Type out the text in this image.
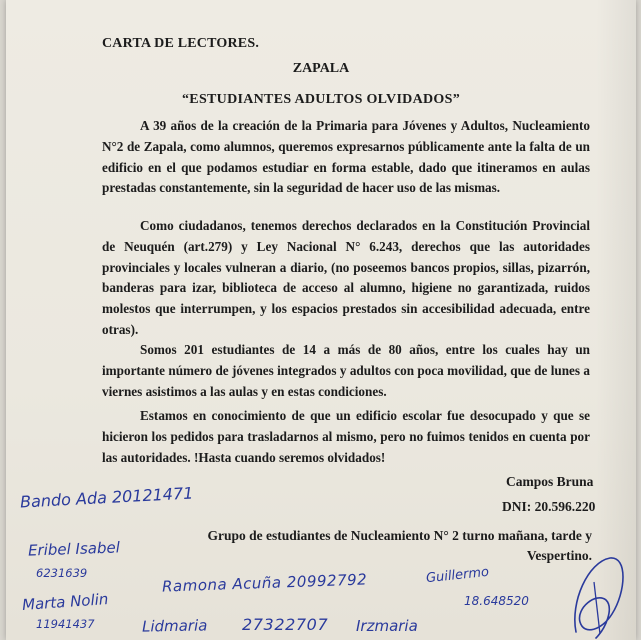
CARTA DE LECTORES.
ZAPALA
“ESTUDIANTES ADULTOS OLVIDADOS”

A 39 años de la creación de la Primaria para Jóvenes y Adultos, Nucleamiento N°2 de Zapala, como alumnos, queremos expresarnos públicamente ante la falta de un edificio en el que podamos estudiar en forma estable, dado que itineramos en aulas prestadas constantemente, sin la seguridad de hacer uso de las mismas.

Como ciudadanos, tenemos derechos declarados en la Constitución Provincial de Neuquén (art.279) y Ley Nacional N° 6.243, derechos que las autoridades provinciales y locales vulneran a diario, (no poseemos bancos propios, sillas, pizarrón, banderas para izar, biblioteca de acceso al alumno, higiene no garantizada, ruidos molestos que interrumpen, y los espacios prestados sin accesibilidad adecuada, entre otras).

Somos 201 estudiantes de 14 a más de 80 años, entre los cuales hay un importante número de jóvenes integrados y adultos con poca movilidad, que de lunes a viernes asistimos a las aulas y en estas condiciones.

Estamos en conocimiento de que un edificio escolar fue desocupado y que se hicieron los pedidos para trasladarnos al mismo, pero no fuimos tenidos en cuenta por las autoridades. !Hasta cuando seremos olvidados!

Campos Bruna
DNI: 20.596.220
Grupo de estudiantes de Nucleamiento N° 2 turno mañana, tarde y Vespertino.
Bando Ada 20121471
Eribel Isabel
6231639	Ramona Acuña 20992792	Guillermo
18.648520
Marta Nolin
11941437	Lidmaria 27322707 Irzmaria
